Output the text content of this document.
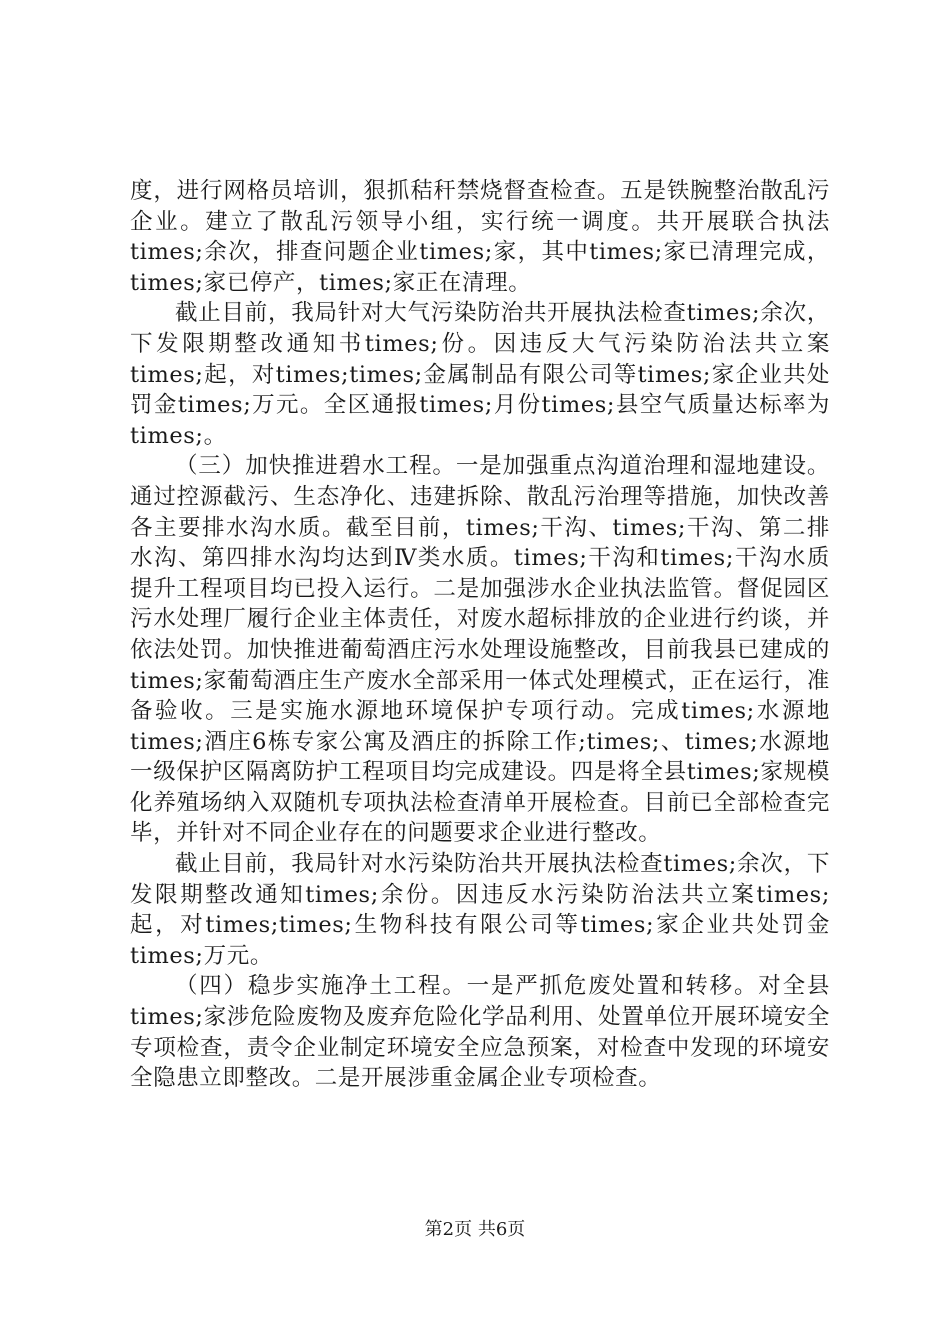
度，进行网格员培训，狠抓秸秆禁烧督查检查。五是铁腕整治散乱污企业。建立了散乱污领导小组，实行统一调度。共开展联合执法times;余次，排查问题企业times;家，其中times;家已清理完成，times;家已停产，times;家正在清理。

截止目前，我局针对大气污染防治共开展执法检查times;余次，下发限期整改通知书times;份。因违反大气污染防治法共立案times;起，对times;times;金属制品有限公司等times;家企业共处罚金times;万元。全区通报times;月份times;县空气质量达标率为times;。

（三）加快推进碧水工程。一是加强重点沟道治理和湿地建设。通过控源截污、生态净化、违建拆除、散乱污治理等措施，加快改善各主要排水沟水质。截至目前，times;干沟、times;干沟、第二排水沟、第四排水沟均达到Ⅳ类水质。times;干沟和times;干沟水质提升工程项目均已投入运行。二是加强涉水企业执法监管。督促园区污水处理厂履行企业主体责任，对废水超标排放的企业进行约谈，并依法处罚。加快推进葡萄酒庄污水处理设施整改，目前我县已建成的times;家葡萄酒庄生产废水全部采用一体式处理模式，正在运行，准备验收。三是实施水源地环境保护专项行动。完成times;水源地times;酒庄6栋专家公寓及酒庄的拆除工作;times;、times;水源地一级保护区隔离防护工程项目均完成建设。四是将全县times;家规模化养殖场纳入双随机专项执法检查清单开展检查。目前已全部检查完毕，并针对不同企业存在的问题要求企业进行整改。

截止目前，我局针对水污染防治共开展执法检查times;余次，下发限期整改通知times;余份。因违反水污染防治法共立案times;起，对times;times;生物科技有限公司等times;家企业共处罚金times;万元。

（四）稳步实施净土工程。一是严抓危废处置和转移。对全县times;家涉危险废物及废弃危险化学品利用、处置单位开展环境安全专项检查，责令企业制定环境安全应急预案，对检查中发现的环境安全隐患立即整改。二是开展涉重金属企业专项检查。

第2页 共6页
